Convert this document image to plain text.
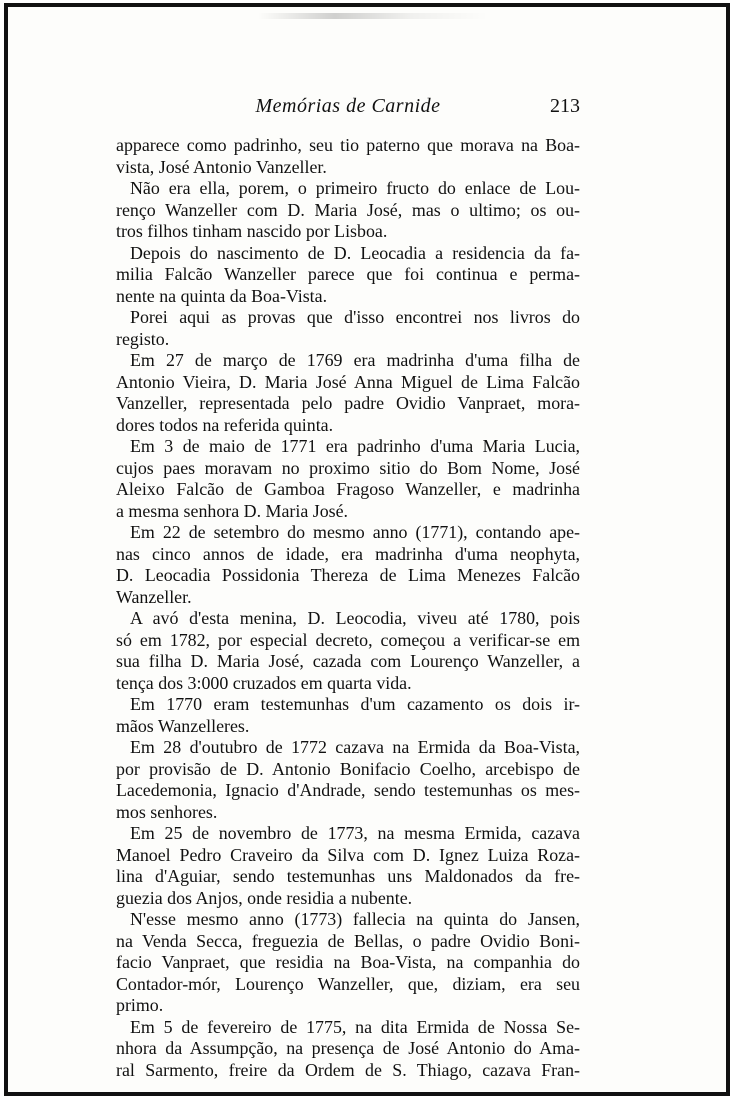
Memórias de Carnide	213
apparece como padrinho, seu tio paterno que morava na Boa-
vista, José Antonio Vanzeller.
Não era ella, porem, o primeiro fructo do enlace de Lou-
renço Wanzeller com D. Maria José, mas o ultimo; os ou-
tros filhos tinham nascido por Lisboa.
Depois do nascimento de D. Leocadia a residencia da fa-
milia Falcão Wanzeller parece que foi continua e perma-
nente na quinta da Boa-Vista.
Porei aqui as provas que d'isso encontrei nos livros do
registo.
Em 27 de março de 1769 era madrinha d'uma filha de
Antonio Vieira, D. Maria José Anna Miguel de Lima Falcão
Vanzeller, representada pelo padre Ovidio Vanpraet, mora-
dores todos na referida quinta.
Em 3 de maio de 1771 era padrinho d'uma Maria Lucia,
cujos paes moravam no proximo sitio do Bom Nome, José
Aleixo Falcão de Gamboa Fragoso Wanzeller, e madrinha
a mesma senhora D. Maria José.
Em 22 de setembro do mesmo anno (1771), contando ape-
nas cinco annos de idade, era madrinha d'uma neophyta,
D. Leocadia Possidonia Thereza de Lima Menezes Falcão
Wanzeller.
A avó d'esta menina, D. Leocodia, viveu até 1780, pois
só em 1782, por especial decreto, começou a verificar-se em
sua filha D. Maria José, cazada com Lourenço Wanzeller, a
tença dos 3:000 cruzados em quarta vida.
Em 1770 eram testemunhas d'um cazamento os dois ir-
mãos Wanzelleres.
Em 28 d'outubro de 1772 cazava na Ermida da Boa-Vista,
por provisão de D. Antonio Bonifacio Coelho, arcebispo de
Lacedemonia, Ignacio d'Andrade, sendo testemunhas os mes-
mos senhores.
Em 25 de novembro de 1773, na mesma Ermida, cazava
Manoel Pedro Craveiro da Silva com D. Ignez Luiza Roza-
lina d'Aguiar, sendo testemunhas uns Maldonados da fre-
guezia dos Anjos, onde residia a nubente.
N'esse mesmo anno (1773) fallecia na quinta do Jansen,
na Venda Secca, freguezia de Bellas, o padre Ovidio Boni-
facio Vanpraet, que residia na Boa-Vista, na companhia do
Contador-mór, Lourenço Wanzeller, que, diziam, era seu
primo.
Em 5 de fevereiro de 1775, na dita Ermida de Nossa Se-
nhora da Assumpção, na presença de José Antonio do Ama-
ral Sarmento, freire da Ordem de S. Thiago, cazava Fran-
